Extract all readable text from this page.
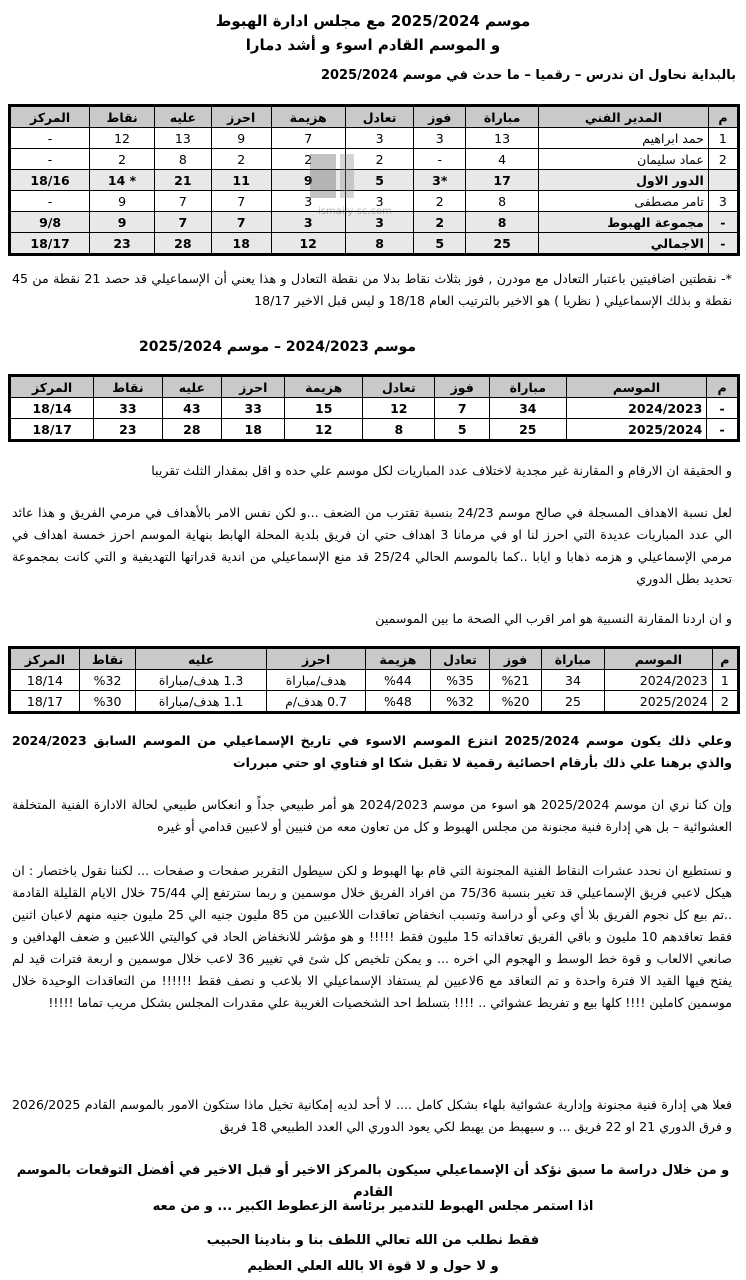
موسم 2025/2024 مع مجلس ادارة الهبوط
و الموسم القادم اسوء و أشد دمارا
بالبداية نحاول ان ندرس – رقميا – ما حدث في موسم 2025/2024
م	المدير الفني	مباراة	فوز	تعادل	هزيمة	احرز	عليه	نقاط	المركز
1	حمد ابراهيم	13	3	3	7	9	13	12	-
2	عماد سليمان	4	-	2	2	2	8	2	-
	الدور الاول	17	*3	5	9	11	21	* 14	18/16
3	تامر مصطفى	8	2	3	3	7	7	9	-
-	مجموعة الهبوط	8	2	3	3	7	7	9	9/8
-	الاجمالي	25	5	8	12	18	28	23	18/17
ismaily-sc.com
*- نقطتين اضافيتين باعتبار التعادل مع مودرن , فوز بثلاث نقاط بدلا من نقطة التعادل و هذا يعني أن الإسماعيلي قد حصد 21 نقطة من 45 نقطة و بذلك الإسماعيلي ( نظريا ) هو الاخير بالترتيب العام 18/18 و ليس قبل الاخير 18/17
موسم 2024/2023 – موسم 2025/2024
م	الموسم	مباراة	فوز	تعادل	هزيمة	احرز	عليه	نقاط	المركز
-	2024/2023	34	7	12	15	33	43	33	18/14
-	2025/2024	25	5	8	12	18	28	23	18/17
و الحقيقة ان الارقام و المقارنة غير مجدية لاختلاف عدد المباريات لكل موسم علي حده و اقل بمقدار الثلث تقريبا
لعل نسبة الاهداف المسجلة في صالح موسم 24/23 بنسبة تقترب من الضعف ...و لكن نفس الامر بالأهداف في مرمي الفريق و هذا عائد الي عدد المباريات عديدة التي احرز لنا او في مرمانا 3 اهداف حتي ان فريق بلدية المحلة الهابط بنهاية الموسم احرز خمسة اهداف في مرمي الإسماعيلي و هزمه ذهابا و ايابا ..كما بالموسم الحالي 25/24 قد منع الإسماعيلي من اندية قدراتها التهديفية و التي كانت بمجموعة تحديد بطل الدوري
و ان اردنا المقارنة النسبية هو امر اقرب الي الصحة ما بين الموسمين
م	الموسم	مباراة	فوز	تعادل	هزيمة	احرز	عليه	نقاط	المركز
1	2024/2023	34	%21	%35	%44	هدف/مباراة	1.3 هدف/مباراة	%32	18/14
2	2025/2024	25	%20	%32	%48	0.7 هدف/م	1.1 هدف/مباراة	%30	18/17
وعلي ذلك يكون موسم 2025/2024 انتزع الموسم الاسوء في تاريخ الإسماعيلي من الموسم السابق 2024/2023 والذي برهنا علي ذلك بأرقام احصائية رقمية لا تقبل شكا او فتاوي او حتي مبررات
وإن كنا نري ان موسم 2025/2024 هو اسوء من موسم 2024/2023 هو أمر طبيعي جداً و انعكاس طبيعي لحالة الادارة الفنية المتخلفة العشوائية – بل هي إدارة فنية مجنونة من مجلس الهبوط و كل من تعاون معه من فنيين أو لاعبين قدامي أو غيره
و نستطيع ان نحدد عشرات النقاط الفنية المجنونة التي قام بها الهبوط و لكن سيطول التقرير صفحات و صفحات ... لكننا نقول باختصار : ان هيكل لاعبي فريق الإسماعيلي قد تغير بنسبة 75/36 من افراد الفريق خلال موسمين و ربما سترتفع إلي 75/44 خلال الايام القليلة القادمة ..تم بيع كل نجوم الفريق بلا أي وعي أو دراسة وتسبب انخفاض تعاقدات اللاعبين من 85 مليون جنيه الي 25 مليون جنيه منهم لاعبان اثنين فقط تعاقدهم 10 مليون و باقي الفريق تعاقداته 15 مليون فقط !!!!! و هو مؤشر للانخفاض الحاد في كواليتي اللاعبين و ضعف الهدافين و صانعي الالعاب و قوة خط الوسط و الهجوم الي اخره ... و يمكن تلخيص كل شئ في تغيير 36 لاعب خلال موسمين و اربعة فترات قيد لم يفتح فيها القيد الا فترة واحدة و تم التعاقد مع 6لاعبين لم يستفاد الإسماعيلي الا بلاعب و نصف فقط !!!!!! من التعاقدات الوحيدة خلال موسمين كاملين !!!! كلها بيع و تفريط عشوائي .. !!!! بتسلط احد الشخصيات الغريبة علي مقدرات المجلس بشكل مريب تماما !!!!!
فعلا هي إدارة فنية مجنونة وإدارية عشوائية بلهاء بشكل كامل .... لا أحد لديه إمكانية تخيل ماذا ستكون الامور بالموسم القادم 2026/2025 و فرق الدوري 21 او 22 فريق ... و سيهبط من يهبط لكي يعود الدوري الي العدد الطبيعي 18 فريق
و من خلال دراسة ما سبق نؤكد أن الإسماعيلي سيكون بالمركز الاخير أو قبل الاخير في أفضل التوقعات بالموسم القادم
اذا استمر مجلس الهبوط للتدمير برئاسة الزعطوط الكبير ... و من معه
فقط نطلب من الله تعالي اللطف بنا و بنادينا الحبيب
و لا حول و لا قوة الا بالله العلي العظيم
